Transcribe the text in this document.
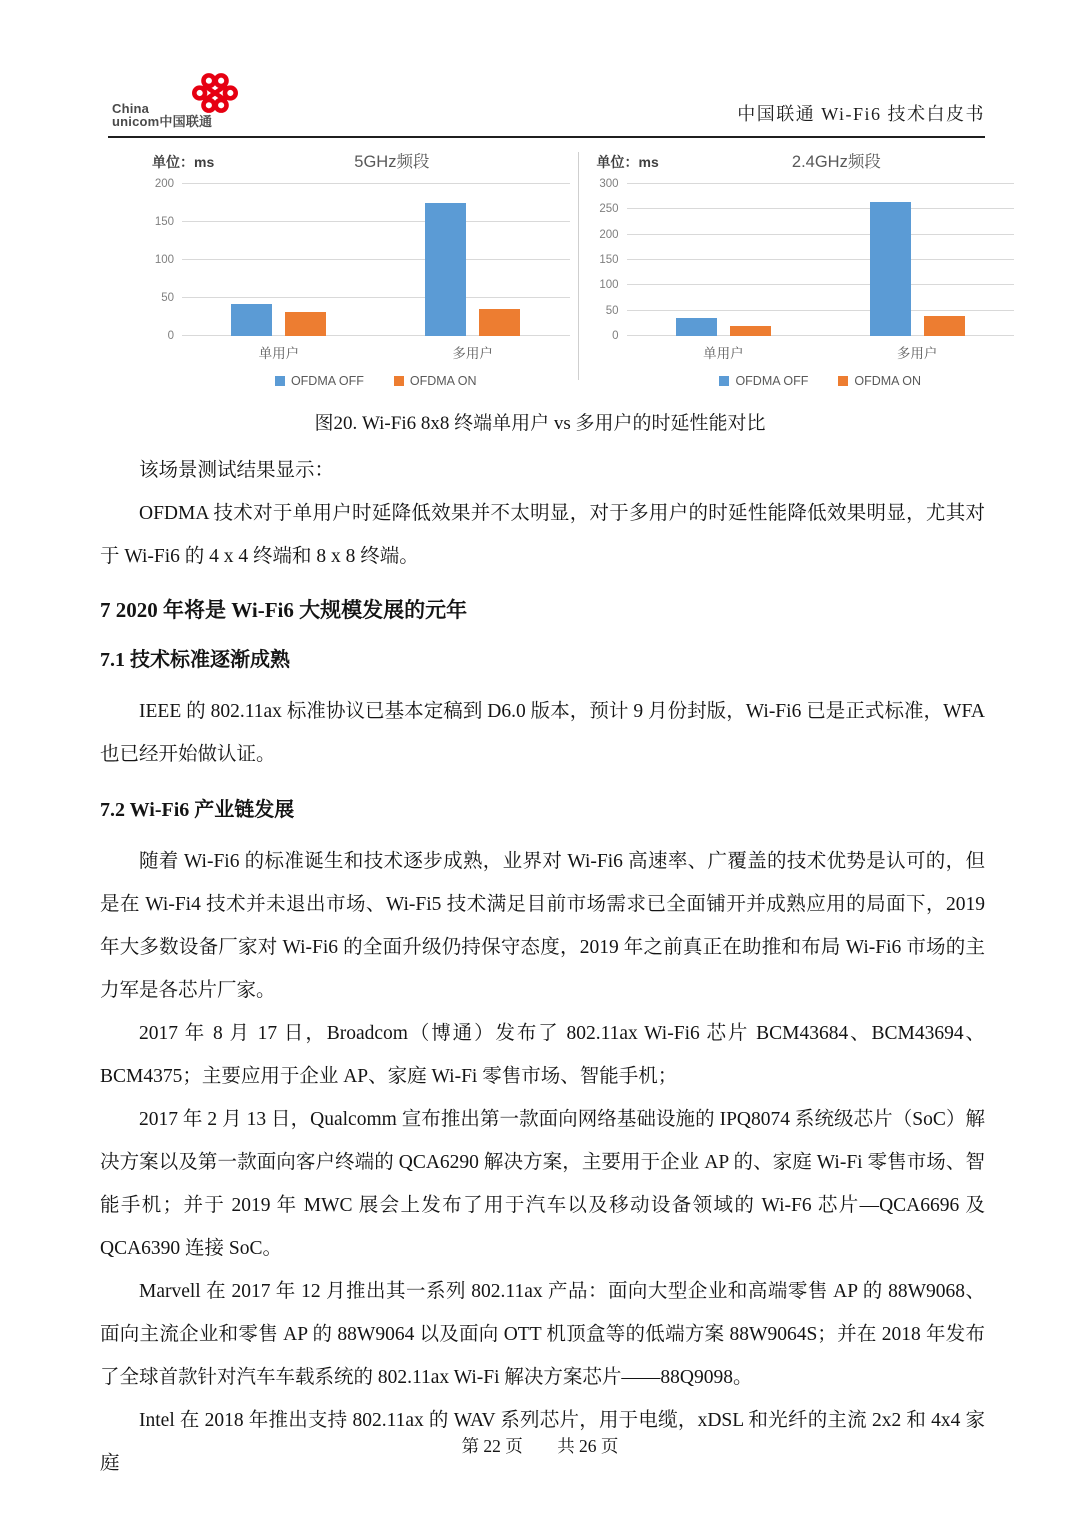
China
unicom中国联通	中国联通 Wi-Fi6 技术白皮书
单位：ms	5GHz频段
0
50
100
150
200
单用户	多用户
OFDMA OFF	OFDMA ON
单位：ms	2.4GHz频段
0
50
100
150
200
250
300
单用户	多用户
OFDMA OFF	OFDMA ON
图20. Wi-Fi6 8x8 终端单用户 vs 多用户的时延性能对比

该场景测试结果显示：

OFDMA 技术对于单用户时延降低效果并不太明显，对于多用户的时延性能降低效果明显，尤其对于 Wi-Fi6 的 4 x 4 终端和 8 x 8 终端。

7 2020 年将是 Wi-Fi6 大规模发展的元年
7.1 技术标准逐渐成熟

IEEE 的 802.11ax 标准协议已基本定稿到 D6.0 版本，预计 9 月份封版，Wi-Fi6 已是正式标准，WFA 也已经开始做认证。

7.2 Wi-Fi6 产业链发展

随着 Wi-Fi6 的标准诞生和技术逐步成熟，业界对 Wi-Fi6 高速率、广覆盖的技术优势是认可的，但是在 Wi-Fi4 技术并未退出市场、Wi-Fi5 技术满足目前市场需求已全面铺开并成熟应用的局面下，2019 年大多数设备厂家对 Wi-Fi6 的全面升级仍持保守态度，2019 年之前真正在助推和布局 Wi-Fi6 市场的主力军是各芯片厂家。

2017 年 8 月 17 日，Broadcom（博通）发布了 802.11ax Wi-Fi6 芯片 BCM43684、BCM43694、BCM4375；主要应用于企业 AP、家庭 Wi-Fi 零售市场、智能手机；

2017 年 2 月 13 日，Qualcomm 宣布推出第一款面向网络基础设施的 IPQ8074 系统级芯片（SoC）解决方案以及第一款面向客户终端的 QCA6290 解决方案，主要用于企业 AP 的、家庭 Wi-Fi 零售市场、智能手机；并于 2019 年 MWC 展会上发布了用于汽车以及移动设备领域的 Wi-F6 芯片—QCA6696 及 QCA6390 连接 SoC。

Marvell 在 2017 年 12 月推出其一系列 802.11ax 产品：面向大型企业和高端零售 AP 的 88W9068、面向主流企业和零售 AP 的 88W9064 以及面向 OTT 机顶盒等的低端方案 88W9064S；并在 2018 年发布了全球首款针对汽车车载系统的 802.11ax Wi-Fi 解决方案芯片——88Q9098。

Intel 在 2018 年推出支持 802.11ax 的 WAV 系列芯片，用于电缆，xDSL 和光纤的主流 2x2 和 4x4 家庭

第 22 页 共 26 页
